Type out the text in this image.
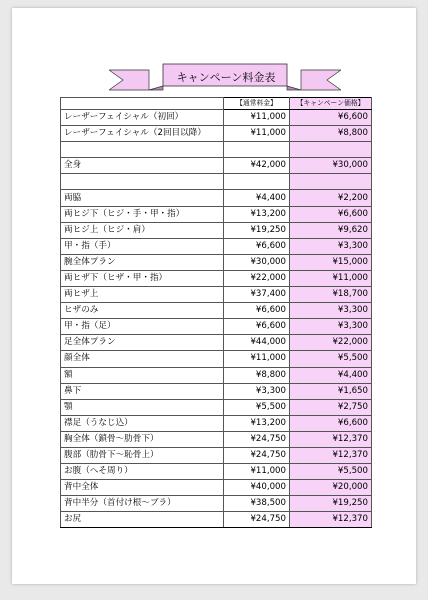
キャンペーン料金表
	【通常料金】	【キャンペーン価格】
レーザーフェイシャル（初回）	¥11,000	¥6,600
レーザーフェイシャル（2回目以降）	¥11,000	¥8,800

全身	¥42,000	¥30,000

両脇	¥4,400	¥2,200
両ヒジ下（ヒジ・手・甲・指）	¥13,200	¥6,600
両ヒジ上（ヒジ・肩）	¥19,250	¥9,620
甲・指（手）	¥6,600	¥3,300
腕全体プラン	¥30,000	¥15,000
両ヒザ下（ヒザ・甲・指）	¥22,000	¥11,000
両ヒザ上	¥37,400	¥18,700
ヒザのみ	¥6,600	¥3,300
甲・指（足）	¥6,600	¥3,300
足全体プラン	¥44,000	¥22,000
顔全体	¥11,000	¥5,500
額	¥8,800	¥4,400
鼻下	¥3,300	¥1,650
顎	¥5,500	¥2,750
襟足（うなじ込）	¥13,200	¥6,600
胸全体（鎖骨～肋骨下）	¥24,750	¥12,370
腹部（肋骨下～恥骨上）	¥24,750	¥12,370
お腹（へそ周り）	¥11,000	¥5,500
背中全体	¥40,000	¥20,000
背中半分（首付け根～ブラ）	¥38,500	¥19,250
お尻	¥24,750	¥12,370
